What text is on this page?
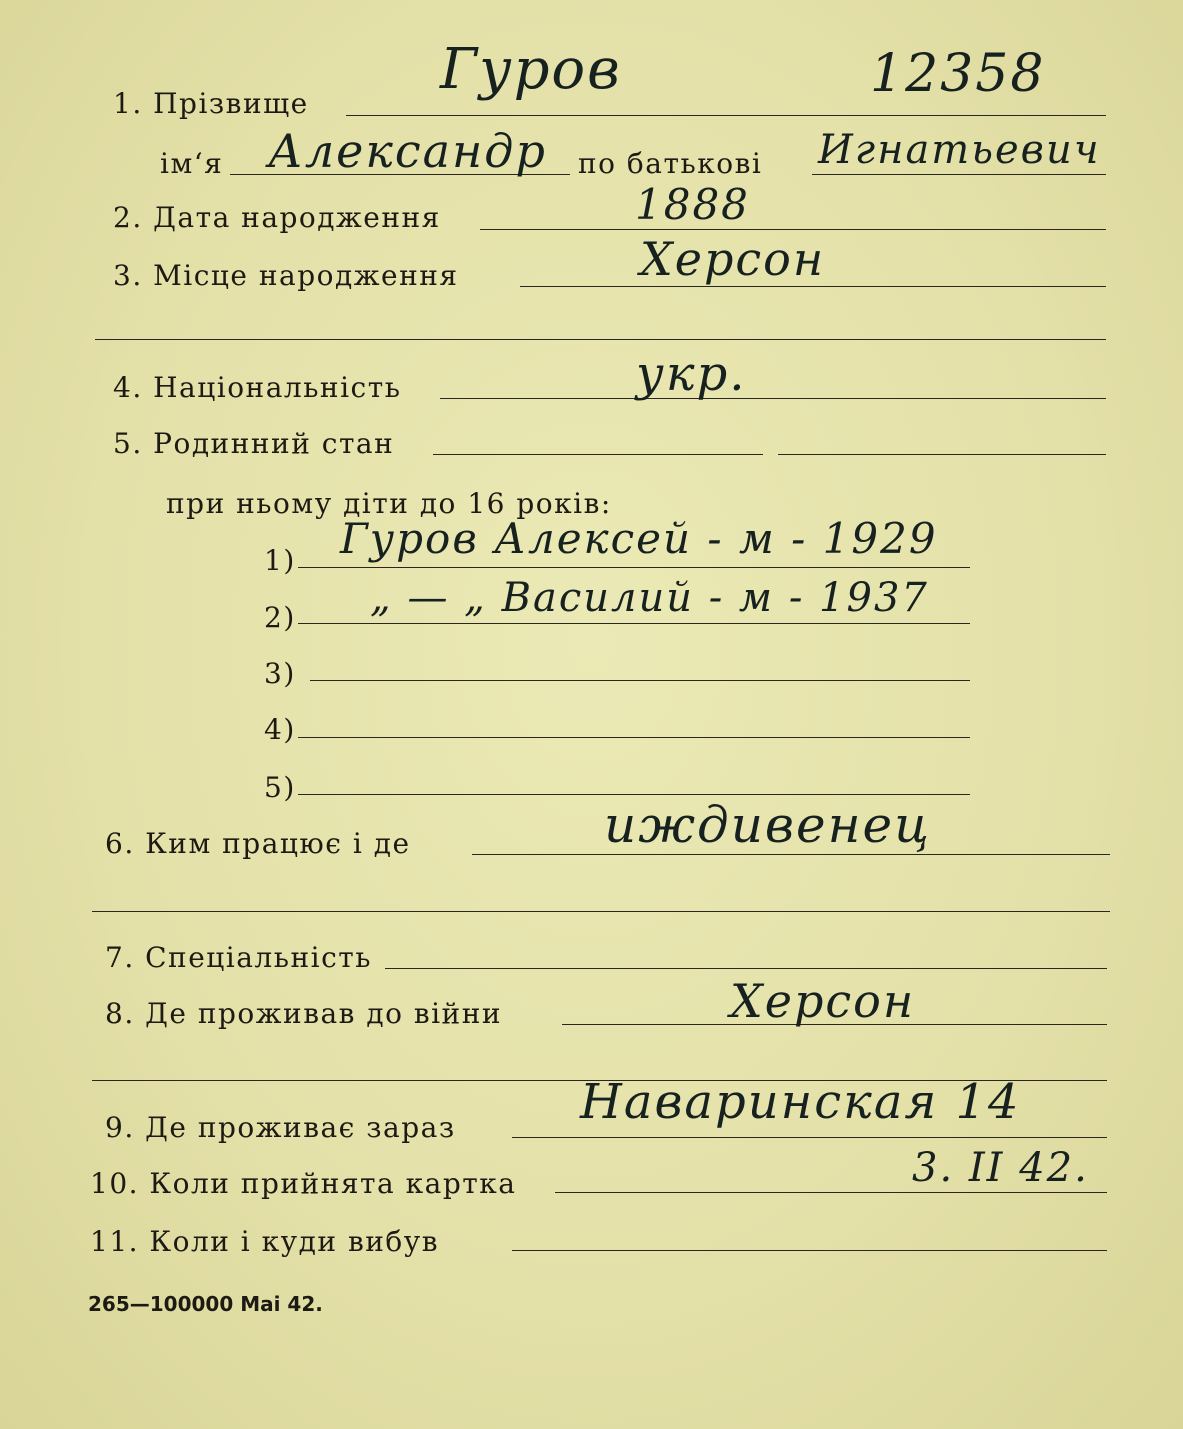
1. Прізвище
Гуров	12358
ім‘я Александр по батькові Игнатьевич
2. Дата народження	1888
3. Місце народження	Херсон
4. Національність	укр.
5. Родинний стан
при ньому діти до 16 років:
1) Гуров Алексей - м - 1929
2) „ — „ Василий - м - 1937
3)
4)
5)
6. Ким працює і де	иждивенец
7. Спеціальність
8. Де проживав до війни	Херсон
9. Де проживає зараз	Наваринская 14
10. Коли прийнята картка	3. II 42.
11. Коли і куди вибув
265—100000 Mai 42.
